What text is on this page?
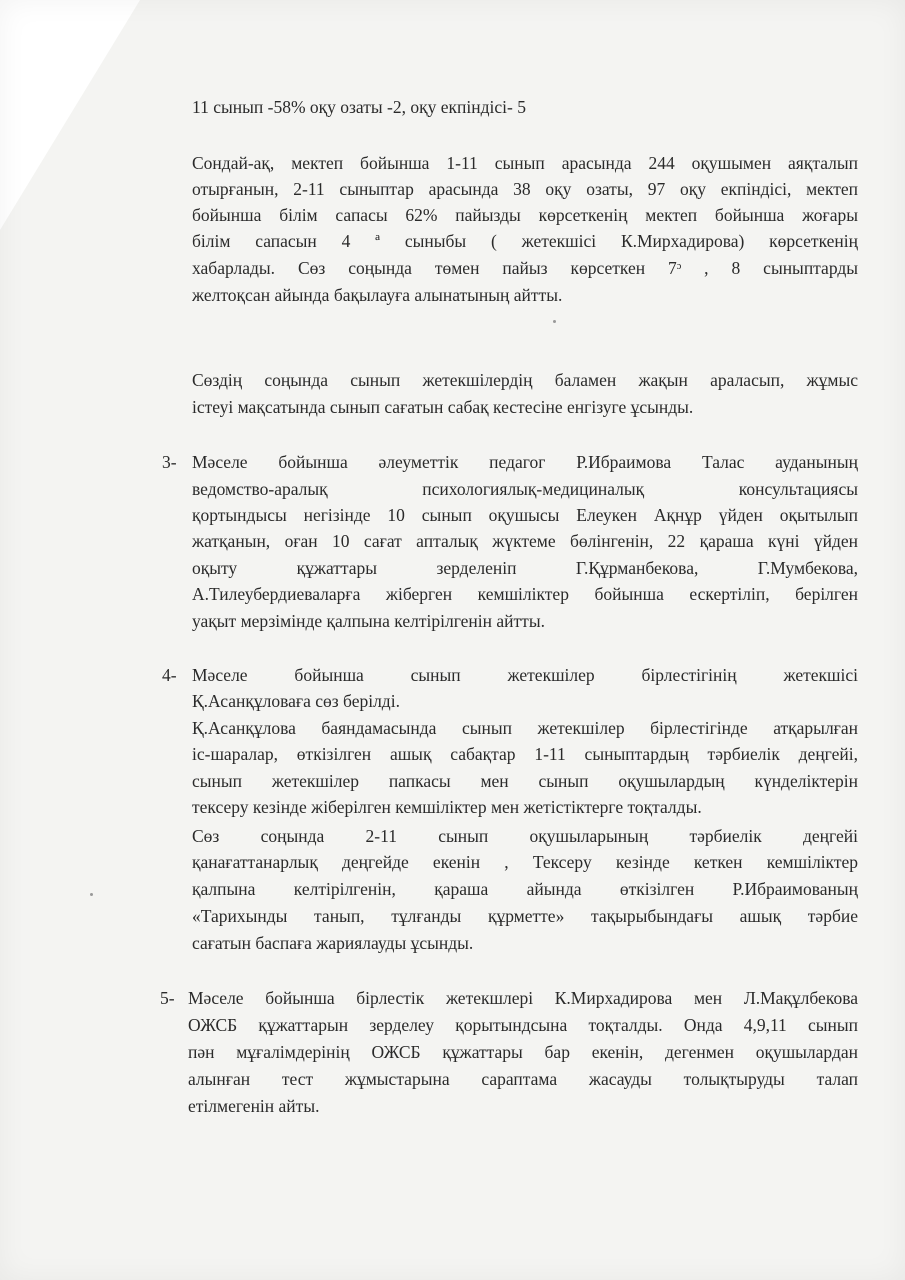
11 сынып -58% оқу озаты -2, оқу екпіндісі- 5
Сондай-ақ, мектеп бойынша 1-11 сынып арасында 244 оқушымен аяқталып
отырғанын, 2-11 сыныптар арасында 38 оқу озаты, 97 оқу екпіндісі, мектеп
бойынша білім сапасы 62% пайызды көрсеткенің мектеп бойынша жоғары
білім сапасын 4 ª сыныбы ( жетекшісі К.Мирхадирова) көрсеткенің
хабарлады. Сөз соңында төмен пайыз көрсеткен 7ᵓ , 8 сыныптарды
желтоқсан айында бақылауға алынатының айтты.
Сөздің соңында сынып жетекшілердің баламен жақын араласып, жұмыс
істеуі мақсатында сынып сағатын сабақ кестесіне енгізуге ұсынды.
3- Мәселе бойынша әлеуметтік педагог Р.Ибраимова Талас ауданының
ведомство-аралық психологиялық-медициналық консультациясы
қортындысы негізінде 10 сынып оқушысы Елеукен Ақнұр үйден оқытылып
жатқанын, оған 10 сағат апталық жүктеме бөлінгенін, 22 қараша күні үйден
оқыту құжаттары зерделеніп Г.Құрманбекова, Г.Мумбекова,
А.Тилеубердиеваларға жіберген кемшіліктер бойынша ескертіліп, берілген
уақыт мерзімінде қалпына келтірілгенін айтты.
4- Мәселе бойынша сынып жетекшілер бірлестігінің жетекшісі
Қ.Асанқұловаға сөз берілді.
Қ.Асанқұлова баяндамасында сынып жетекшілер бірлестігінде атқарылған
іс-шаралар, өткізілген ашық сабақтар 1-11 сыныптардың тәрбиелік деңгейі,
сынып жетекшілер папкасы мен сынып оқушылардың күнделіктерін
тексеру кезінде жіберілген кемшіліктер мен жетістіктерге тоқталды.
Сөз соңында 2-11 сынып оқушыларының тәрбиелік деңгейі
қанағаттанарлық деңгейде екенін , Тексеру кезінде кеткен кемшіліктер
қалпына келтірілгенін, қараша айында өткізілген Р.Ибраимованың
«Тарихынды танып, тұлғанды құрметте» тақырыбындағы ашық тәрбие
сағатын баспаға жариялауды ұсынды.
5- Мәселе бойынша бірлестік жетекшлері К.Мирхадирова мен Л.Мақұлбекова
ОЖСБ құжаттарын зерделеу қорытындсына тоқталды. Онда 4,9,11 сынып
пән мұғалімдерінің ОЖСБ құжаттары бар екенін, дегенмен оқушылардан
алынған тест жұмыстарына сараптама жасауды толықтыруды талап
етілмегенін айты.
